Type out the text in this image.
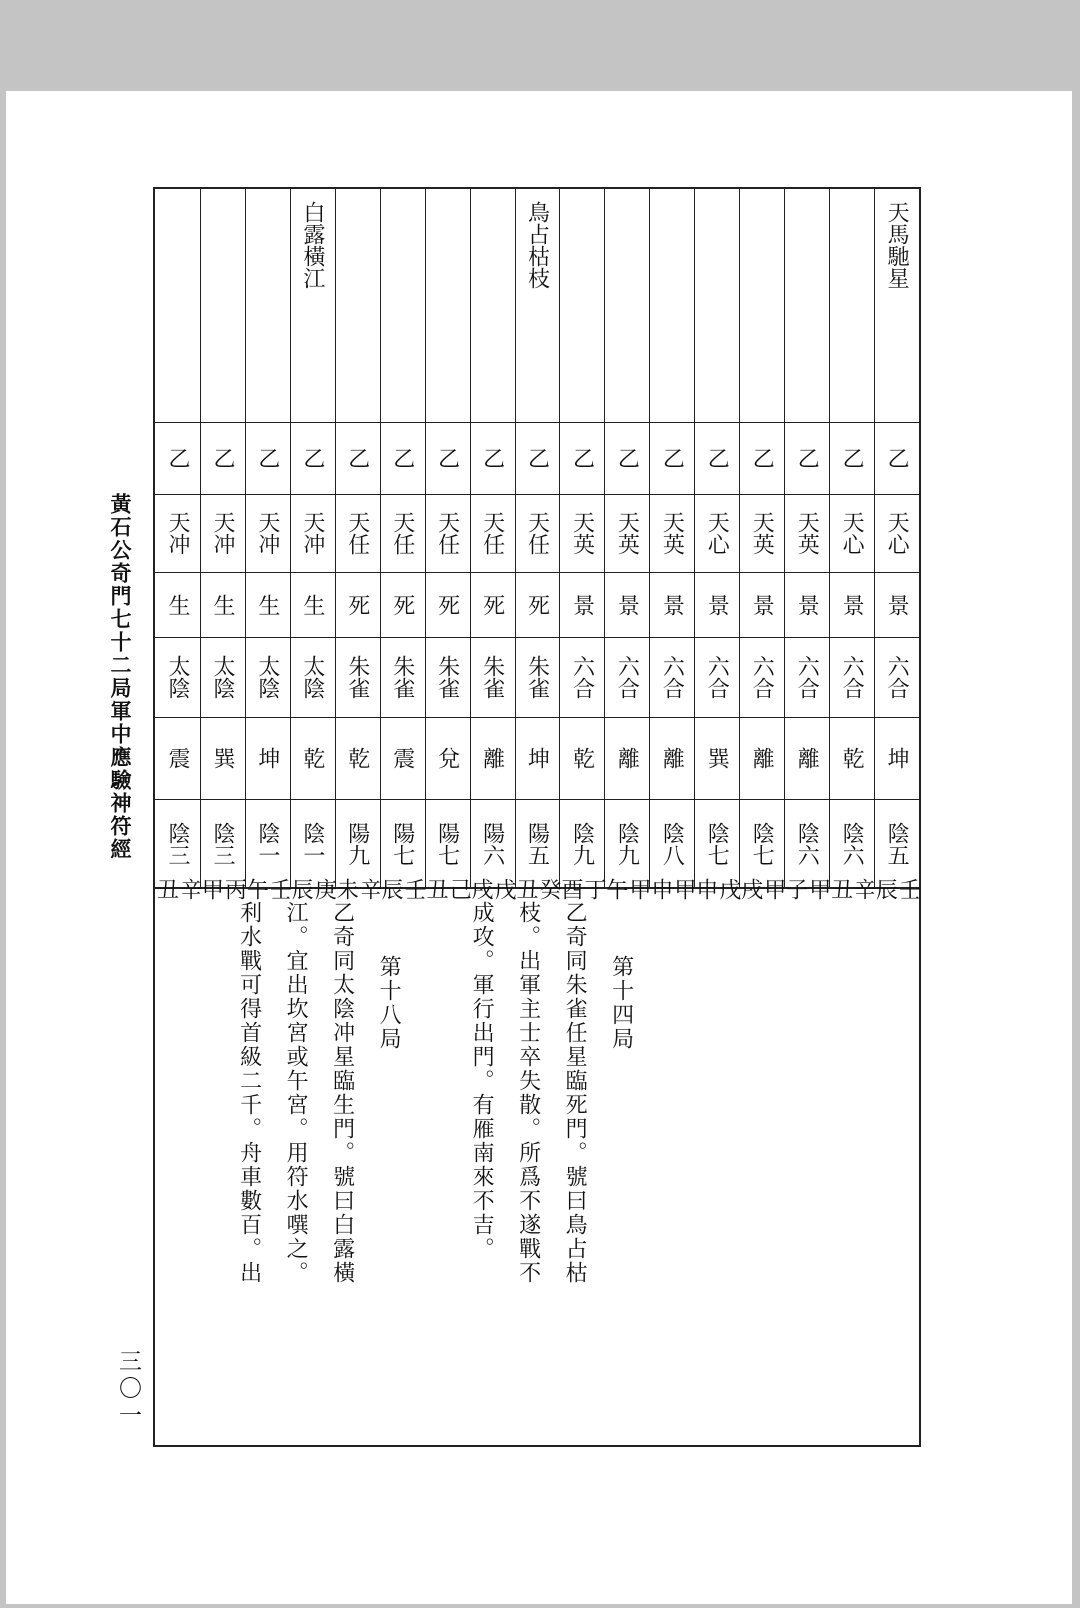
黃石公奇門七十二局軍中應驗神符經
三〇一
天馬馳星
乙
天心
景
六合
坤
陰五
壬辰
乙
天心
景
六合
乾
陰六
辛丑
乙
天英
景
六合
離
陰六
甲子
乙
天英
景
六合
離
陰七
甲戌
乙
天心
景
六合
巽
陰七
戊申
乙
天英
景
六合
離
陰八
甲申
乙
天英
景
六合
離
陰九
甲午
乙
天英
景
六合
乾
陰九
丁酉
鳥占枯枝
乙
天任
死
朱雀
坤
陽五
癸丑
乙
天任
死
朱雀
離
陽六
戊戌
乙
天任
死
朱雀
兌
陽七
己丑
乙
天任
死
朱雀
震
陽七
壬辰
乙
天任
死
朱雀
乾
陽九
辛未
白露橫江
乙
天冲
生
太陰
乾
陰一
庚辰
乙
天冲
生
太陰
坤
陰一
壬午
乙
天冲
生
太陰
巽
陰三
丙甲
乙
天冲
生
太陰
震
陰三
辛丑
第十四局
乙奇同朱雀任星臨死門。號曰鳥占枯
枝。出軍主士卒失散。所爲不遂戰不
成攻。軍行出門。有雁南來不吉。
第十八局
乙奇同太陰冲星臨生門。號曰白露橫
江。宜出坎宮或午宮。用符水噀之。
利水戰可得首級二千。舟車數百。出
